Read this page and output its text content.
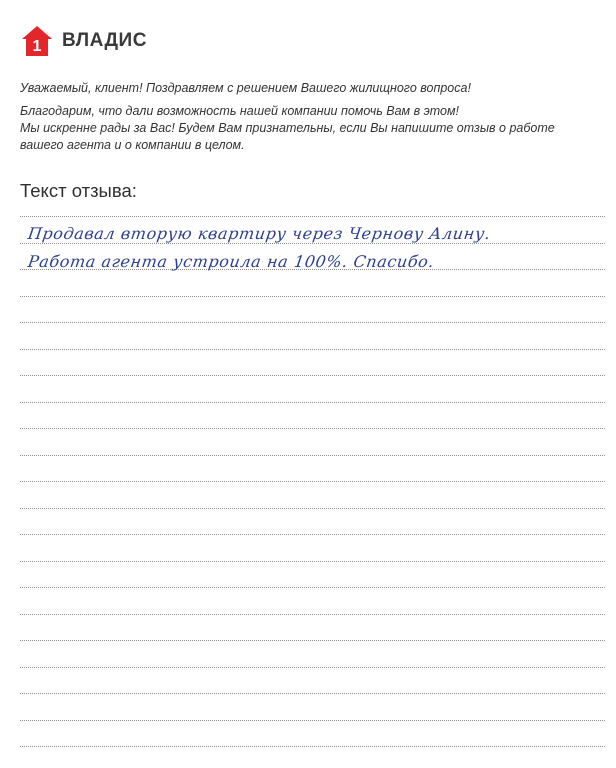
1 ВЛАДИС

Уважаемый, клиент! Поздравляем с решением Вашего жилищного вопроса!

Благодарим, что дали возможность нашей компании помочь Вам в этом!

Мы искренне рады за Вас! Будем Вам признательны, если Вы напишите отзыв о работе

вашего агента и о компании в целом.

Текст отзыва:
Продавал вторую квартиру через Чернову Алину.
Работа агента устроила на 100%. Спасибо.
